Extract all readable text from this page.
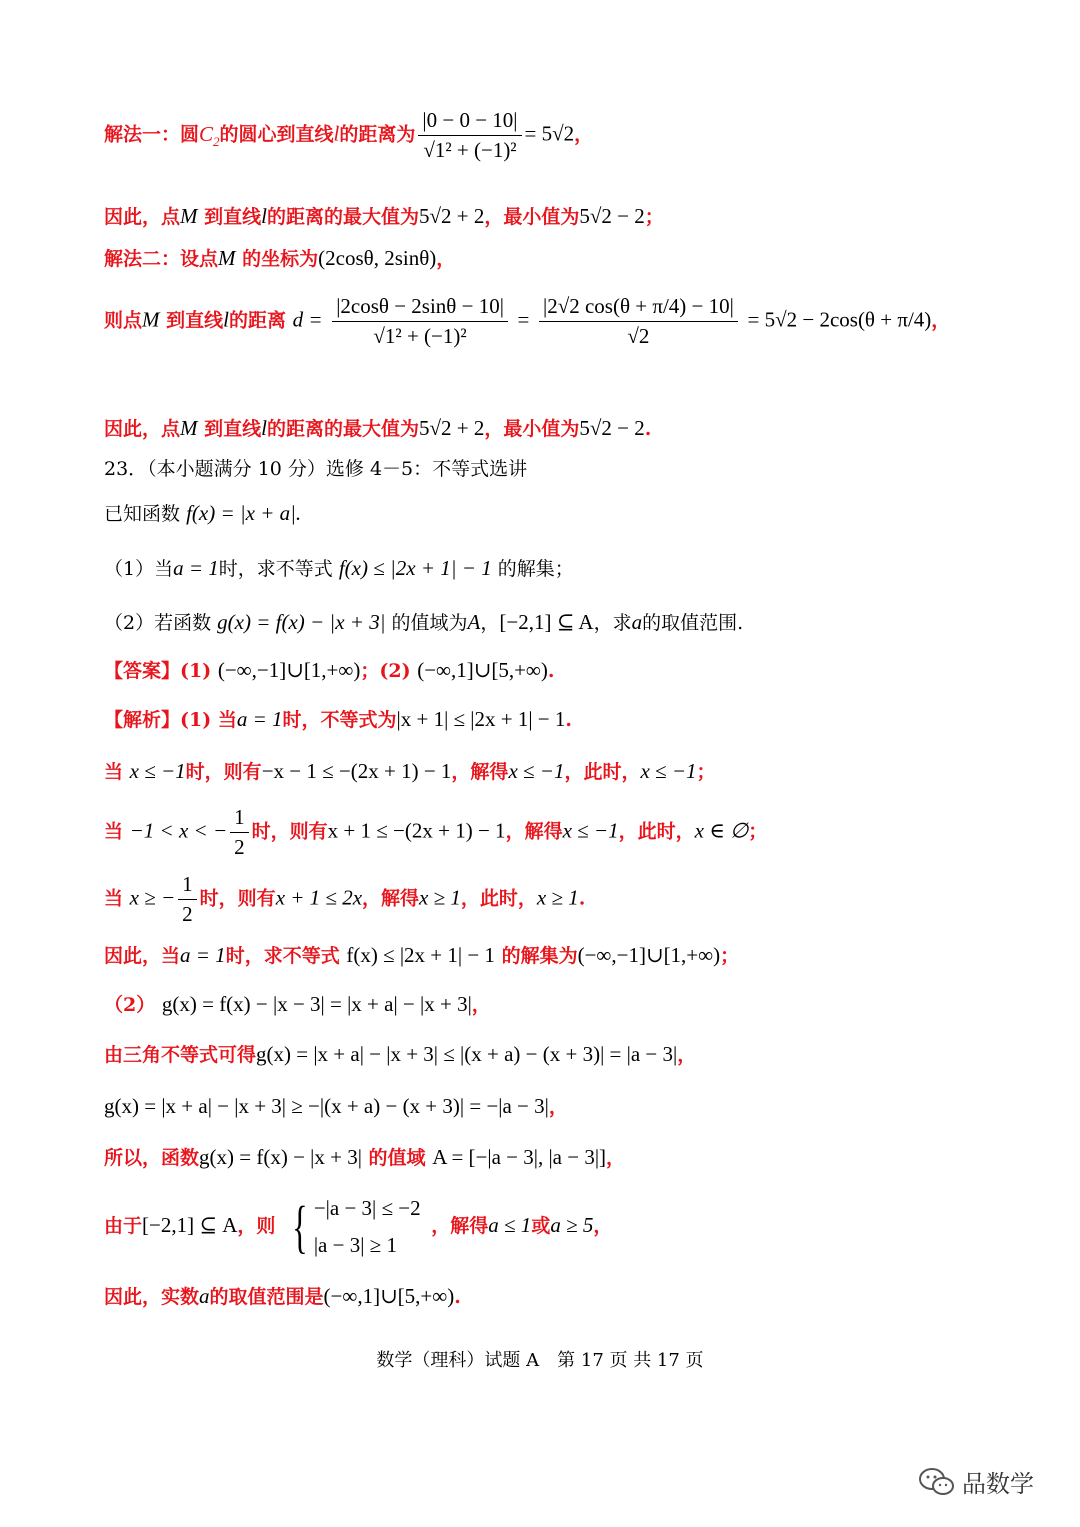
解法一：圆$C_2$的圆心到直线l的距离为 $\frac{|0 - 0 - 10|}{\text{√1² + (−1)²}} = 5√2$，
因此，点M 到直线l的距离的最大值为5√2 + 2，最小值为5√2 − 2；
解法二：设点M 的坐标为(2cosθ, 2sinθ)，
则点M 到直线l的距离 $d = \frac{|2\cos\theta - 2\sin\theta - 10|}{\text{√1² + (−1)²}} = \frac{|2√2 \cos(\theta + \pi/4) - 10|}{√2} = 5√2 - 2\cos(\theta + \pi/4)$，
因此，点M 到直线l的距离的最大值为5√2 + 2，最小值为5√2 − 2.
23．（本小题满分 10 分）选修 4－5：不等式选讲
已知函数 f(x) = |x + a|.
（1）当a = 1时，求不等式 f(x) ≤ |2x + 1| − 1 的解集；
（2）若函数 g(x) = f(x) − |x + 3| 的值域为A，[−2,1] ⊆ A，求a的取值范围.
【答案】(1) (−∞,−1]∪[1,+∞)；(2) (−∞,1]∪[5,+∞).
【解析】(1) 当a = 1时，不等式为|x + 1| ≤ |2x + 1| − 1.
当 x ≤ −1时，则有−x − 1 ≤ −(2x + 1) − 1，解得x ≤ −1，此时，x ≤ −1；
当 −1 < x < − $\frac{1}{2}$ 时，则有x + 1 ≤ −(2x + 1) − 1，解得x ≤ −1，此时，x ∈ ∅；
当 x ≥ − $\frac{1}{2}$ 时，则有x + 1 ≤ 2x，解得x ≥ 1，此时，x ≥ 1.
因此，当a = 1时，求不等式 f(x) ≤ |2x + 1| − 1 的解集为(−∞,−1]∪[1,+∞)；
（2） g(x) = f(x) − |x − 3| = |x + a| − |x + 3|，
由三角不等式可得g(x) = |x + a| − |x + 3| ≤ |(x + a) − (x + 3)| = |a − 3|，
g(x) = |x + a| − |x + 3| ≥ −|(x + a) − (x + 3)| = −|a − 3|，
所以，函数g(x) = f(x) − |x + 3| 的值域 A = [−|a − 3|, |a − 3|]，
由于[−2,1] ⊆ A，则 { −|a − 3| ≤ −2
|a − 3| ≥ 1
，解得a ≤ 1或a ≥ 5，
因此，实数a的取值范围是(−∞,1]∪[5,+∞).
数学（理科）试题 A　第 17 页 共 17 页
品数学
